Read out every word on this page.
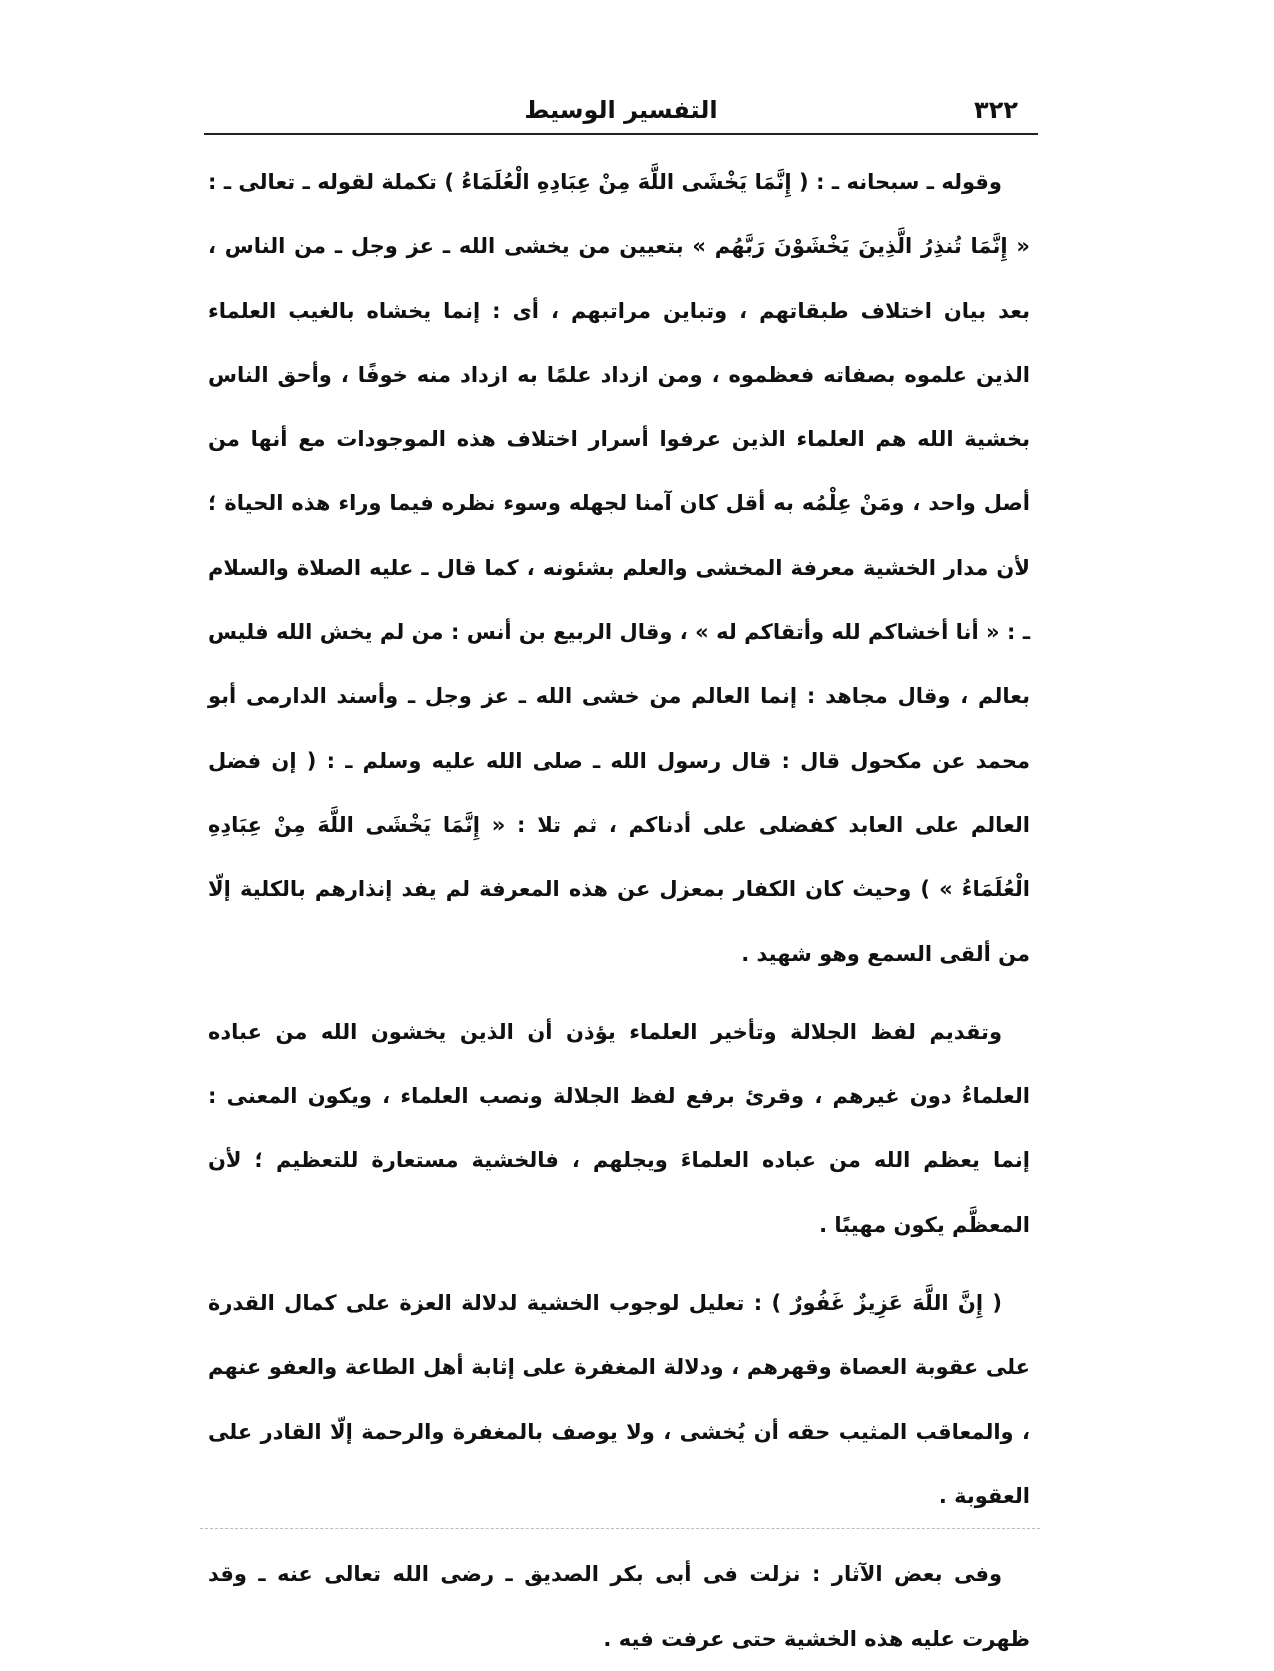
٣٢٢
التفسير الوسيط

وقوله ـ سبحانه ـ : ( إِنَّمَا يَخْشَى اللَّهَ مِنْ عِبَادِهِ الْعُلَمَاءُ ) تكملة لقوله ـ تعالى ـ : « إِنَّمَا تُنذِرُ الَّذِينَ يَخْشَوْنَ رَبَّهُم » بتعيين من يخشى الله ـ عز وجل ـ من الناس ، بعد بيان اختلاف طبقاتهم ، وتباين مراتبهم ، أى : إنما يخشاه بالغيب العلماء الذين علموه بصفاته فعظموه ، ومن ازداد علمًا به ازداد منه خوفًا ، وأحق الناس بخشية الله هم العلماء الذين عرفوا أسرار اختلاف هذه الموجودات مع أنها من أصل واحد ، ومَنْ عِلْمُه به أقل كان آمنا لجهله وسوء نظره فيما وراء هذه الحياة ؛ لأن مدار الخشية معرفة المخشى والعلم بشئونه ، كما قال ـ عليه الصلاة والسلام ـ : « أنا أخشاكم لله وأتقاكم له » ، وقال الربيع بن أنس : من لم يخش الله فليس بعالم ، وقال مجاهد : إنما العالم من خشى الله ـ عز وجل ـ وأسند الدارمى أبو محمد عن مكحول قال : قال رسول الله ـ صلى الله عليه وسلم ـ : ( إن فضل العالم على العابد كفضلى على أدناكم ، ثم تلا : « إِنَّمَا يَخْشَى اللَّهَ مِنْ عِبَادِهِ الْعُلَمَاءُ » ) وحيث كان الكفار بمعزل عن هذه المعرفة لم يفد إنذارهم بالكلية إلّا من ألقى السمع وهو شهيد .

وتقديم لفظ الجلالة وتأخير العلماء يؤذن أن الذين يخشون الله من عباده العلماءُ دون غيرهم ، وقرئ برفع لفظ الجلالة ونصب العلماء ، ويكون المعنى : إنما يعظم الله من عباده العلماءَ ويجلهم ، فالخشية مستعارة للتعظيم ؛ لأن المعظَّم يكون مهيبًا .

( إِنَّ اللَّهَ عَزِيزٌ غَفُورٌ ) : تعليل لوجوب الخشية لدلالة العزة على كمال القدرة على عقوبة العصاة وقهرهم ، ودلالة المغفرة على إثابة أهل الطاعة والعفو عنهم ، والمعاقب المثيب حقه أن يُخشى ، ولا يوصف بالمغفرة والرحمة إلّا القادر على العقوبة .

وفى بعض الآثار : نزلت فى أبى بكر الصديق ـ رضى الله تعالى عنه ـ وقد ظهرت عليه هذه الخشية حتى عرفت فيه .
